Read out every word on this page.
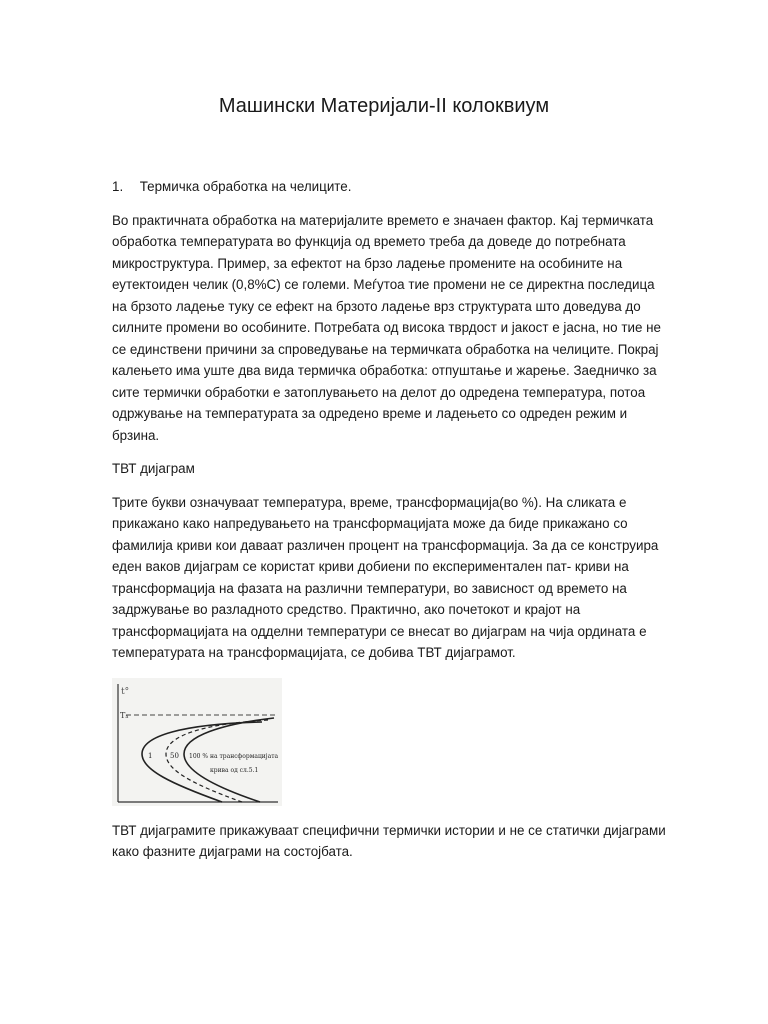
Машински Материјали-II колоквиум
1. Термичка обработка на челиците.

Во практичната обработка на материјалите времето е значаен фактор. Кај термичката обработка температурата во функција од времето треба да доведе до потребната микроструктура. Пример, за ефектот на брзо ладење промените на особините на еутектоиден челик (0,8%C) се големи. Меѓутоа тие промени не се директна последица на брзото ладење туку се ефект на брзото ладење врз структурата што доведува до силните промени во особините. Потребата од висока тврдост и јакост е јасна, но тие не се единствени причини за спроведување на термичката обработка на челиците. Покрај калењето има уште два вида термичка обработка: отпуштање и жарење. Заедничко за сите термички обработки е затоплувањето на делот до одредена температура, потоа одржување на температурата за одредено време и ладењето со одреден режим и брзина.

ТВТ дијаграм

Трите букви означуваат температура, време, трансформација(во %). На сликата е прикажано како напредувањето на трансформацијата може да биде прикажано со фамилија криви кои даваат различен процент на трансформација. За да се конструира еден ваков дијаграм се користат криви добиени по експериментален пат- криви на трансформација на фазата на различни температури, во зависност од времето на задржување во разладното средство. Практично, ако почетокот и крајот на трансформацијата на одделни температури се внесат во дијаграм на чија ордината е температурата на трансформацијата, се добива ТВТ дијаграмот.

t°
Tₐ
1	50 100 % на трансформацијата
крива од сл.5.1

ТВТ дијаграмите прикажуваат специфични термички истории и не се статички дијаграми како фазните дијаграми на состојбата.
